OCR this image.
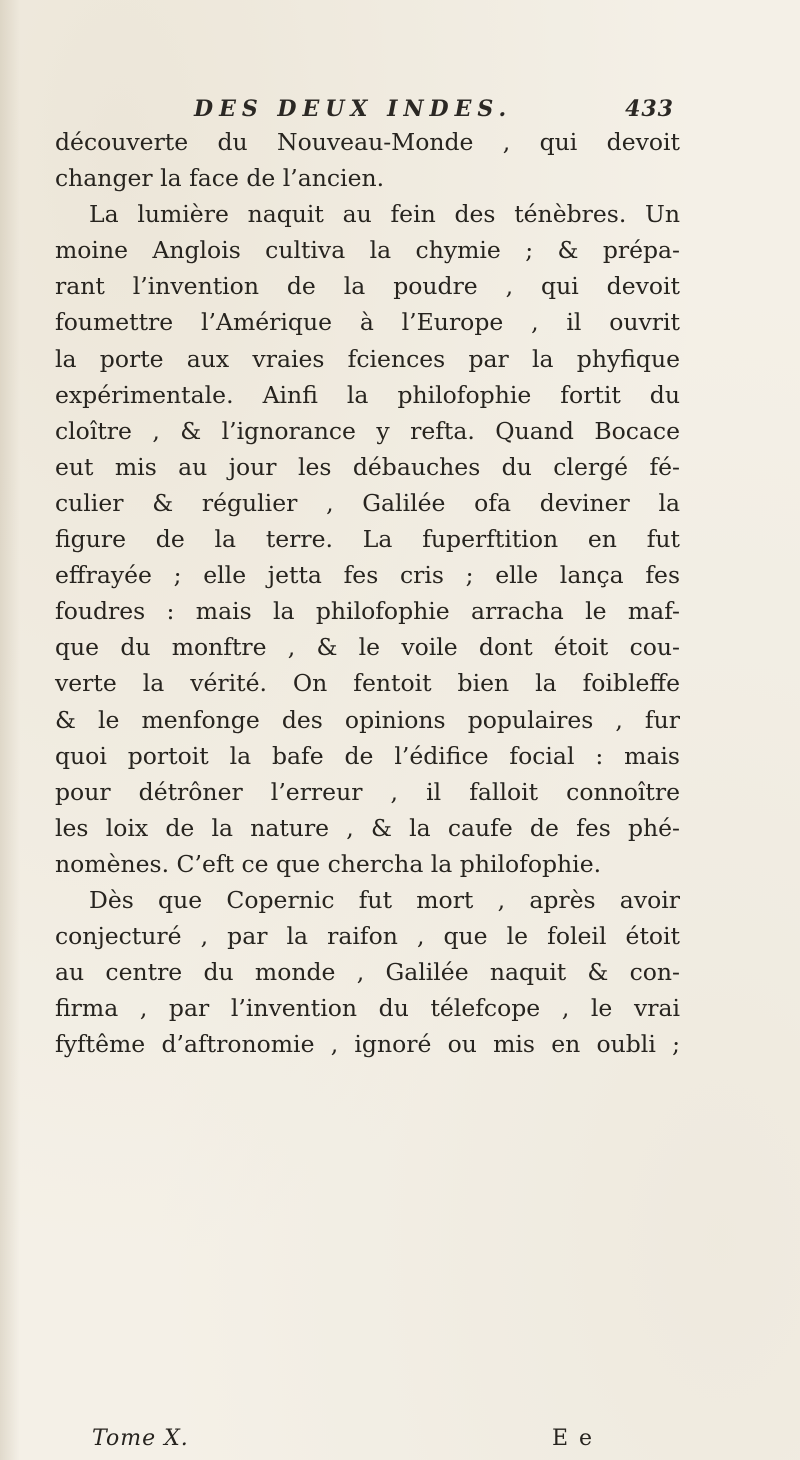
DES DEUX INDES.	433
découverte du Nouveau-Monde , qui devoit
changer la face de l’ancien.
La lumière naquit au fein des ténèbres. Un
moine Anglois cultiva la chymie ; & prépa-
rant l’invention de la poudre , qui devoit
foumettre l’Amérique à l’Europe , il ouvrit
la porte aux vraies fciences par la phyfique
expérimentale. Ainfi la philofophie fortit du
cloître , & l’ignorance y refta. Quand Bocace
eut mis au jour les débauches du clergé fé-
culier & régulier , Galilée ofa deviner la
figure de la terre. La fuperftition en fut
effrayée ; elle jetta fes cris ; elle lança fes
foudres : mais la philofophie arracha le maf-
que du monftre , & le voile dont étoit cou-
verte la vérité. On fentoit bien la foibleffe
& le menfonge des opinions populaires , fur
quoi portoit la bafe de l’édifice focial : mais
pour détrôner l’erreur , il falloit connoître
les loix de la nature , & la caufe de fes phé-
nomènes. C’eft ce que chercha la philofophie.
Dès que Copernic fut mort , après avoir
conjecturé , par la raifon , que le foleil étoit
au centre du monde , Galilée naquit & con-
firma , par l’invention du télefcope , le vrai
fyftême d’aftronomie , ignoré ou mis en oubli ;
Tome X.	E e
